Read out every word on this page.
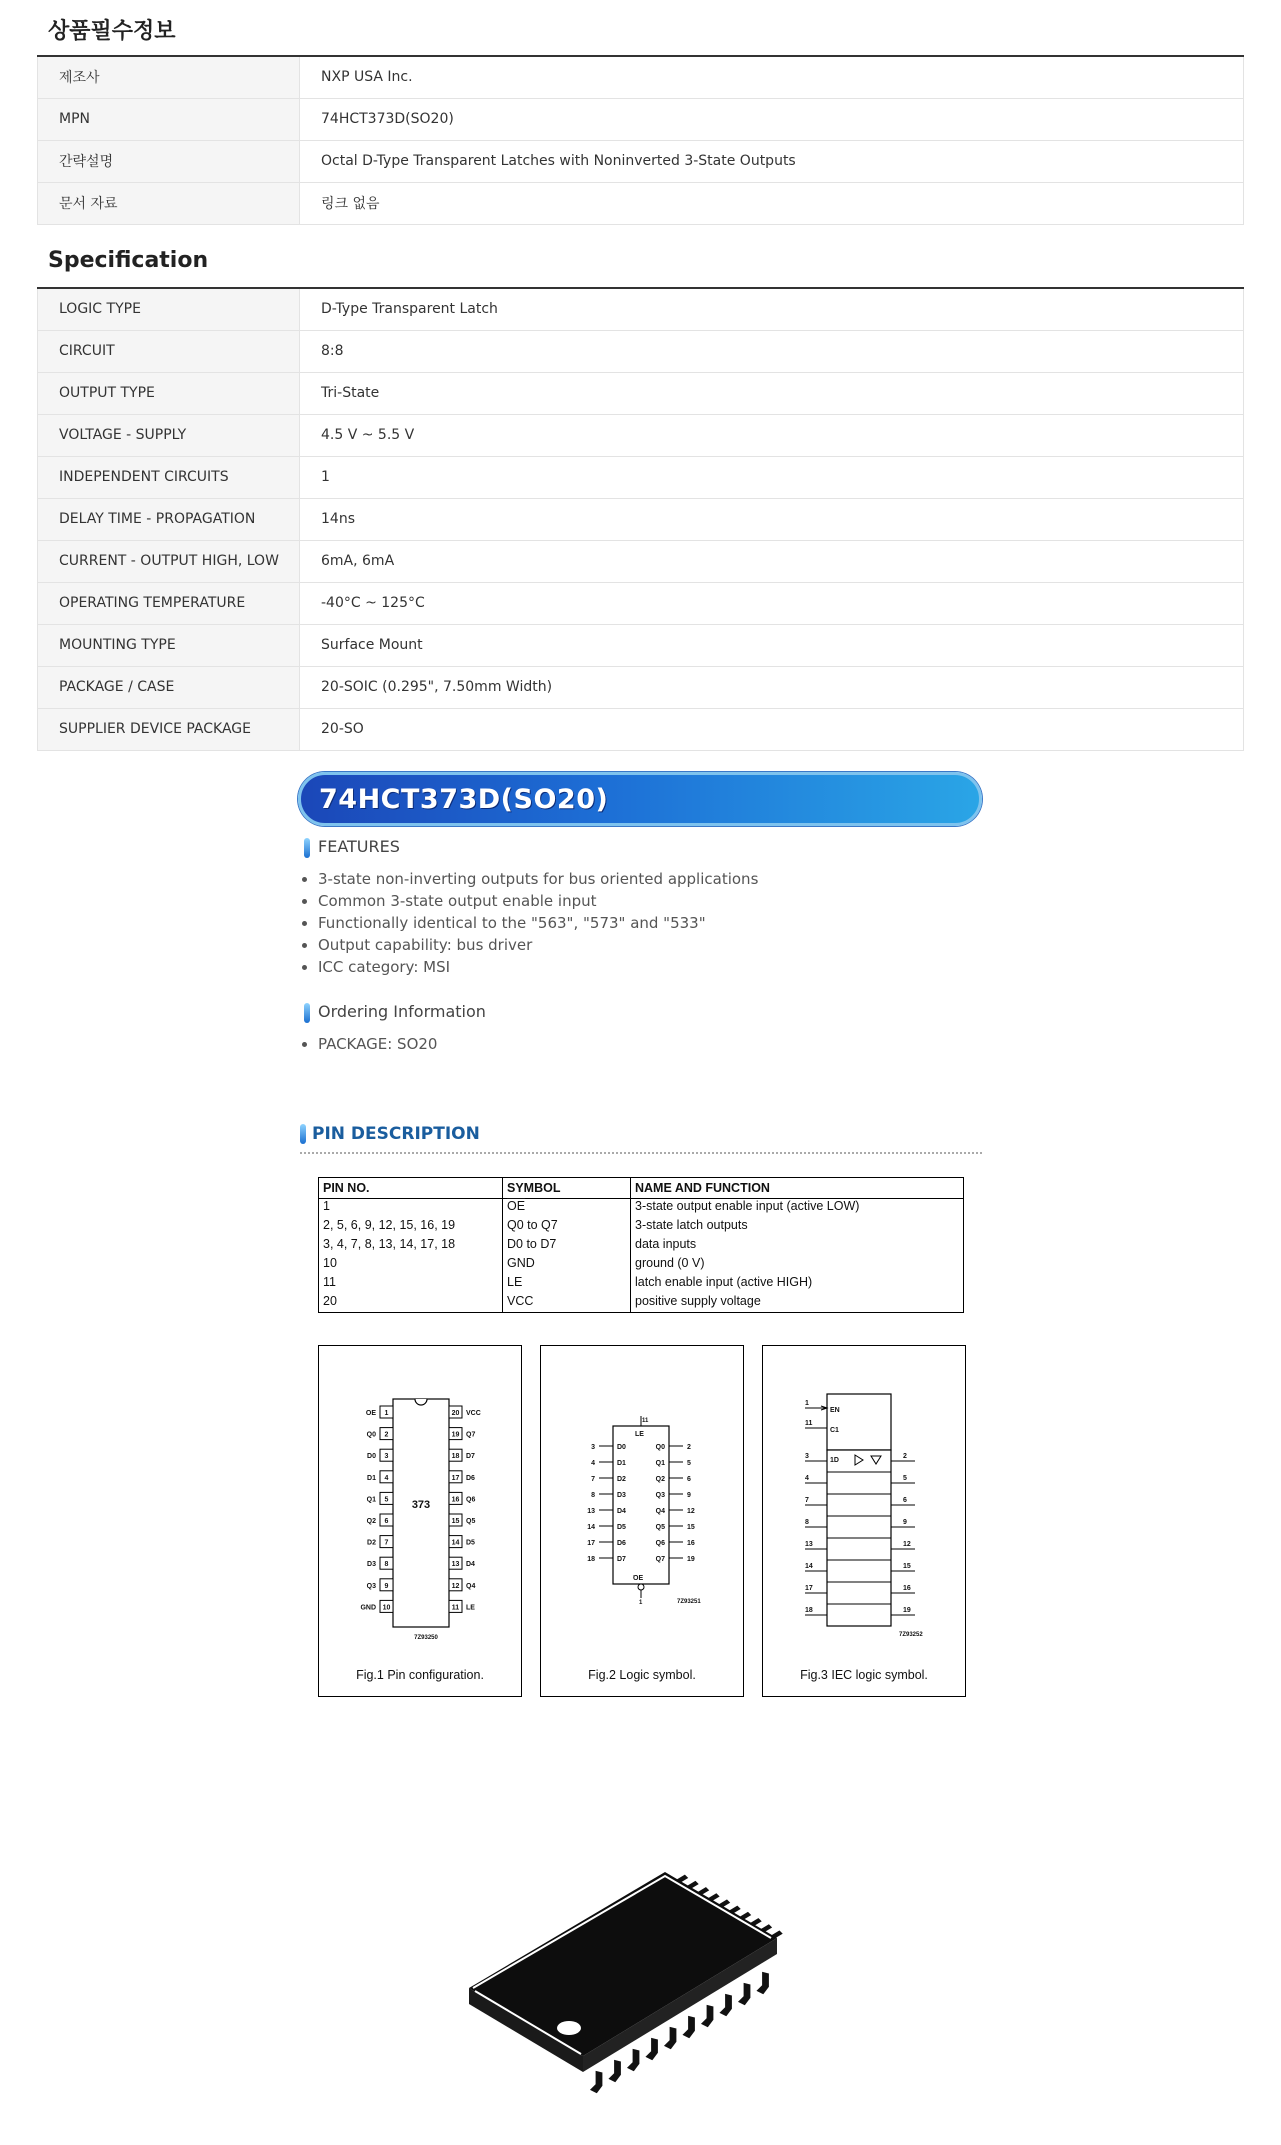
상품필수정보
제조사	NXP USA Inc.
MPN	74HCT373D(SO20)
간략설명	Octal D-Type Transparent Latches with Noninverted 3-State Outputs
문서 자료	링크 없음
Specification
LOGIC TYPE	D-Type Transparent Latch
CIRCUIT	8:8
OUTPUT TYPE	Tri-State
VOLTAGE - SUPPLY	4.5 V ~ 5.5 V
INDEPENDENT CIRCUITS	1
DELAY TIME - PROPAGATION	14ns
CURRENT - OUTPUT HIGH, LOW	6mA, 6mA
OPERATING TEMPERATURE	-40°C ~ 125°C
MOUNTING TYPE	Surface Mount
PACKAGE / CASE	20-SOIC (0.295", 7.50mm Width)
SUPPLIER DEVICE PACKAGE	20-SO
74HCT373D(SO20)
FEATURES
• 3-state non-inverting outputs for bus oriented applications
• Common 3-state output enable input
• Functionally identical to the "563", "573" and "533"
• Output capability: bus driver
• ICC category: MSI
Ordering Information
• PACKAGE: SO20
PIN DESCRIPTION
PIN NO.	SYMBOL	NAME AND FUNCTION
1	$\overline{OE}$	3-state output enable input (active LOW)
2, 5, 6, 9, 12, 15, 16, 19	Q0 to Q7	3-state latch outputs
3, 4, 7, 8, 13, 14, 17, 18	D0 to D7	data inputs
10	GND	ground (0 V)
11	LE	latch enable input (active HIGH)
20	VCC	positive supply voltage
1
OE
2
Q0
3
D0
4
D1
5
Q1
6
Q2
7
D2
8
D3
9
Q3
10
GND
20 VCC
19 Q7
18 D7
17 D6
16 Q6
15 Q5
14 D5
13 D4
12 Q4
11 LE
373
7Z93250
Fig.1 Pin configuration.
11
LE
OE
1
3	D0	Q0	2
4	D1	Q1	5
7	D2	Q2	6
8	D3	Q3	9
13	D4	Q4	12
14	D5	Q5	15
17	D6	Q6	16
18	D7	Q7	19
7Z93251
Fig.2 Logic symbol.
1
EN
11
C1
1D
3	2
4	5
7	6
8	9
13	12
14	15
17	16
18	19
7Z93252
Fig.3 IEC logic symbol.
